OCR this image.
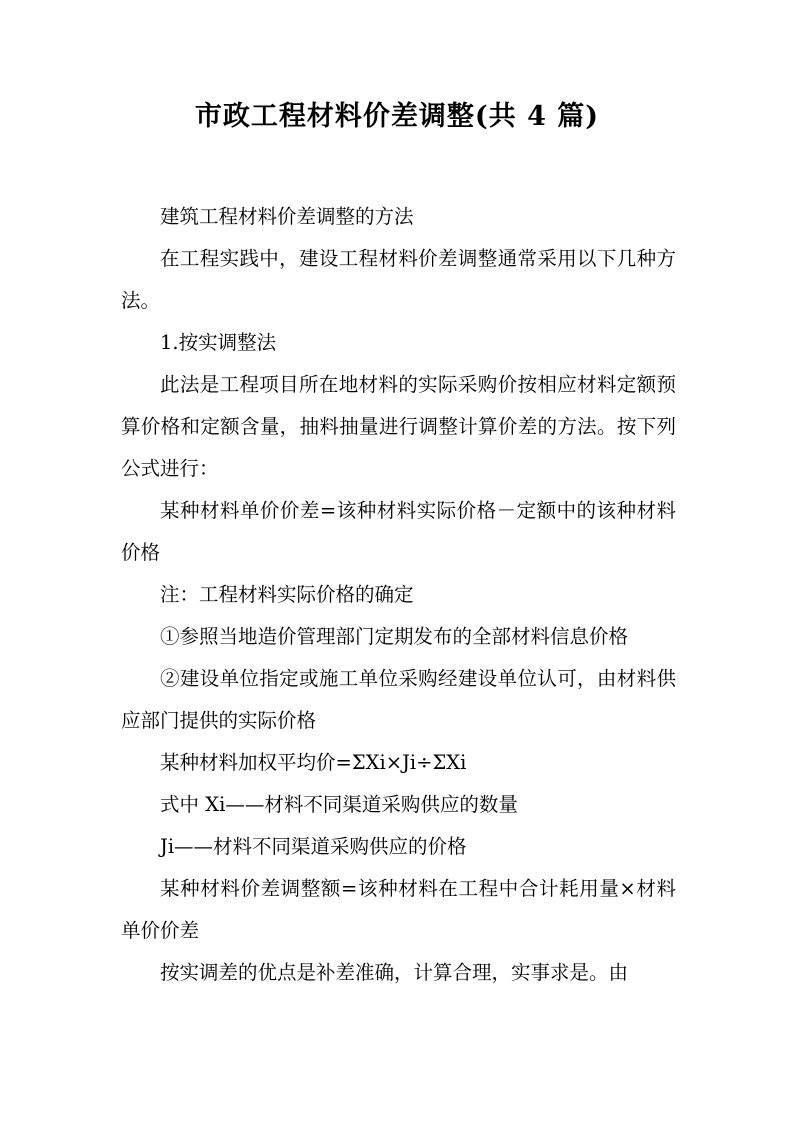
市政工程材料价差调整(共 4 篇)

建筑工程材料价差调整的方法

在工程实践中，建设工程材料价差调整通常采用以下几种方法。

1.按实调整法

此法是工程项目所在地材料的实际采购价按相应材料定额预算价格和定额含量，抽料抽量进行调整计算价差的方法。按下列公式进行：

某种材料单价价差=该种材料实际价格－定额中的该种材料价格

注：工程材料实际价格的确定

①参照当地造价管理部门定期发布的全部材料信息价格

②建设单位指定或施工单位采购经建设单位认可，由材料供应部门提供的实际价格

某种材料加权平均价=ΣXi×Ji÷ΣXi

式中 Xi——材料不同渠道采购供应的数量

Ji——材料不同渠道采购供应的价格

某种材料价差调整额=该种材料在工程中合计耗用量×材料单价价差

按实调差的优点是补差准确，计算合理，实事求是。由
